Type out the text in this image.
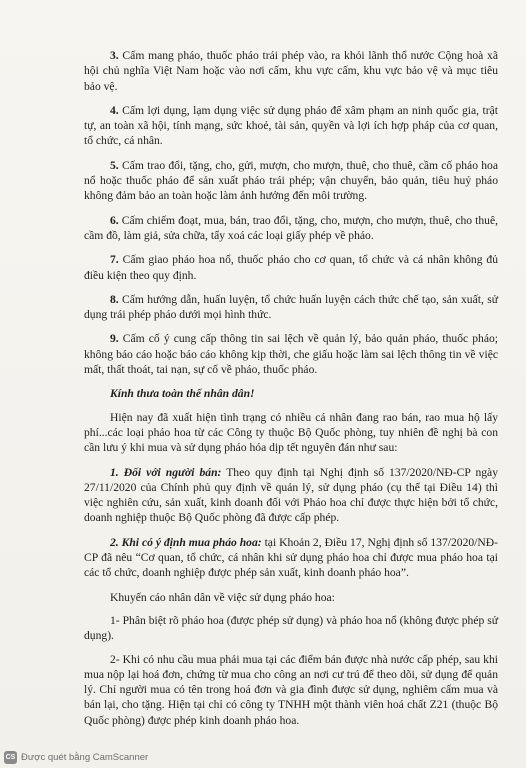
3. Cấm mang pháo, thuốc pháo trái phép vào, ra khỏi lãnh thổ nước Cộng hoà xã hội chủ nghĩa Việt Nam hoặc vào nơi cấm, khu vực cấm, khu vực bảo vệ và mục tiêu bảo vệ.

4. Cấm lợi dụng, lạm dụng việc sử dụng pháo để xâm phạm an ninh quốc gia, trật tự, an toàn xã hội, tính mạng, sức khoẻ, tài sản, quyền và lợi ích hợp pháp của cơ quan, tổ chức, cá nhân.

5. Cấm trao đổi, tặng, cho, gửi, mượn, cho mượn, thuê, cho thuê, cầm cố pháo hoa nổ hoặc thuốc pháo để sản xuất pháo trái phép; vận chuyển, bảo quản, tiêu huỷ pháo không đảm bảo an toàn hoặc làm ảnh hưởng đến môi trường.

6. Cấm chiếm đoạt, mua, bán, trao đổi, tặng, cho, mượn, cho mượn, thuê, cho thuê, cầm đồ, làm giả, sửa chữa, tẩy xoá các loại giấy phép về pháo.

7. Cấm giao pháo hoa nổ, thuốc pháo cho cơ quan, tổ chức và cá nhân không đủ điều kiện theo quy định.

8. Cấm hướng dẫn, huấn luyện, tổ chức huấn luyện cách thức chế tạo, sản xuất, sử dụng trái phép pháo dưới mọi hình thức.

9. Cấm cố ý cung cấp thông tin sai lệch về quản lý, bảo quản pháo, thuốc pháo; không báo cáo hoặc báo cáo không kịp thời, che giấu hoặc làm sai lệch thông tin về việc mất, thất thoát, tai nạn, sự cố về pháo, thuốc pháo.

Kính thưa toàn thể nhân dân!

Hiện nay đã xuất hiện tình trạng có nhiều cá nhân đang rao bán, rao mua hộ lấy phí...các loại pháo hoa từ các Công ty thuộc Bộ Quốc phòng, tuy nhiên đề nghị bà con cần lưu ý khi mua và sử dụng pháo hóa dịp tết nguyên đán như sau:

1. Đối với người bán: Theo quy định tại Nghị định số 137/2020/NĐ-CP ngày 27/11/2020 của Chính phủ quy định về quản lý, sử dụng pháo (cụ thể tại Điều 14) thì việc nghiên cứu, sản xuất, kinh doanh đối với Pháo hoa chỉ được thực hiện bởi tổ chức, doanh nghiệp thuộc Bộ Quốc phòng đã được cấp phép.

2. Khi có ý định mua pháo hoa: tại Khoản 2, Điều 17, Nghị định số 137/2020/NĐ-CP đã nêu “Cơ quan, tổ chức, cá nhân khi sử dụng pháo hoa chỉ được mua pháo hoa tại các tổ chức, doanh nghiệp được phép sản xuất, kinh doanh pháo hoa”.

Khuyến cáo nhân dân về việc sử dụng pháo hoa:

1- Phân biệt rõ pháo hoa (được phép sử dụng) và pháo hoa nổ (không được phép sử dụng).

2- Khi có nhu cầu mua phải mua tại các điểm bán được nhà nước cấp phép, sau khi mua nộp lại hoá đơn, chứng từ mua cho công an nơi cư trú để theo dõi, sử dụng để quản lý. Chỉ người mua có tên trong hoá đơn và gia đình được sử dụng, nghiêm cấm mua và bán lại, cho tặng. Hiện tại chỉ có công ty TNHH một thành viên hoá chất Z21 (thuộc Bộ Quốc phòng) được phép kinh doanh pháo hoa.

CS Được quét bằng CamScanner
